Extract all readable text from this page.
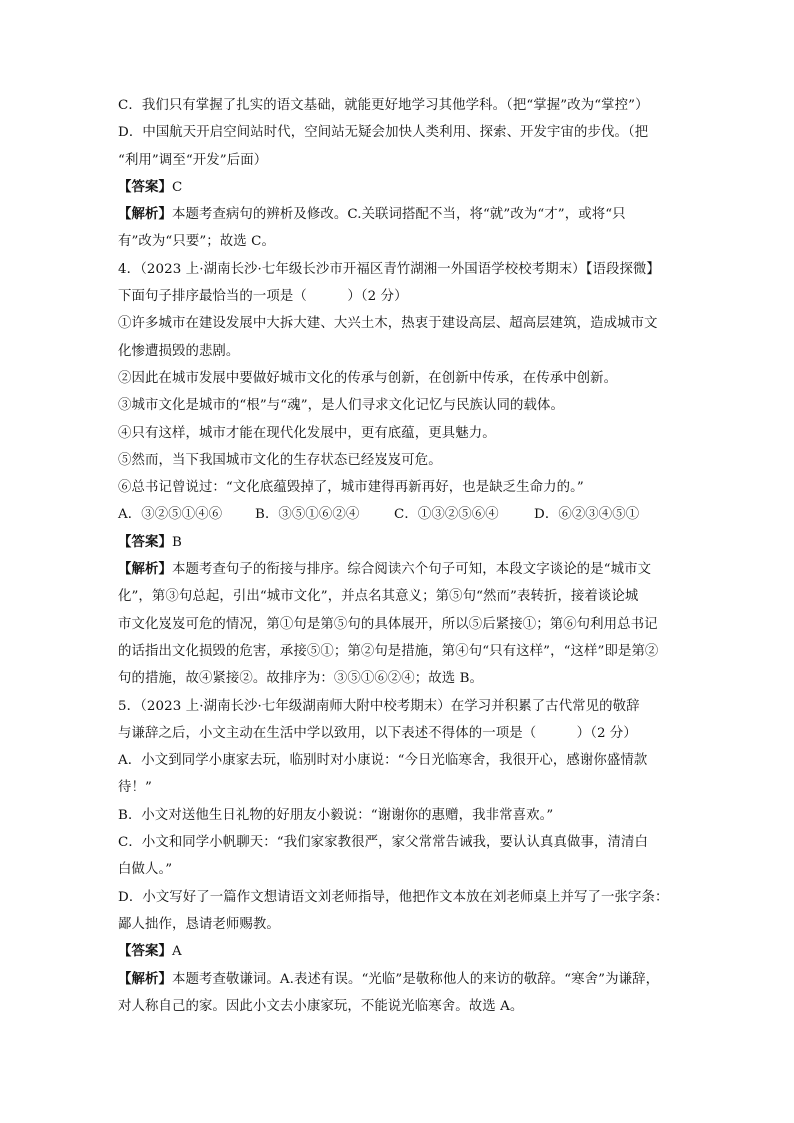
C．我们只有掌握了扎实的语文基础，就能更好地学习其他学科。（把“掌握”改为“掌控”）
D．中国航天开启空间站时代，空间站无疑会加快人类利用、探索、开发宇宙的步伐。（把
“利用”调至“开发”后面）
【答案】C
【解析】本题考查病句的辨析及修改。C.关联词搭配不当，将“就”改为“才”，或将“只
有”改为“只要”；故选 C。
4．（2023 上·湖南长沙·七年级长沙市开福区青竹湖湘一外国语学校校考期末）【语段探微】
下面句子排序最恰当的一项是（　　　）（2 分）
①许多城市在建设发展中大拆大建、大兴土木，热衷于建设高层、超高层建筑，造成城市文
化惨遭损毁的悲剧。
②因此在城市发展中要做好城市文化的传承与创新，在创新中传承，在传承中创新。
③城市文化是城市的“根”与“魂”，是人们寻求文化记忆与民族认同的载体。
④只有这样，城市才能在现代化发展中，更有底蕴，更具魅力。
⑤然而，当下我国城市文化的生存状态已经岌岌可危。
⑥总书记曾说过：“文化底蕴毁掉了，城市建得再新再好，也是缺乏生命力的。”
A．③②⑤①④⑥	B．③⑤①⑥②④	C．①③②⑤⑥④	D．⑥②③④⑤①
【答案】B
【解析】本题考查句子的衔接与排序。综合阅读六个句子可知，本段文字谈论的是“城市文
化”，第③句总起，引出“城市文化”，并点名其意义；第⑤句“然而”表转折，接着谈论城
市文化岌岌可危的情况，第①句是第⑤句的具体展开，所以⑤后紧接①；第⑥句利用总书记
的话指出文化损毁的危害，承接⑤①；第②句是措施，第④句“只有这样”，“这样”即是第②
句的措施，故④紧接②。故排序为：③⑤①⑥②④；故选 B。
5．（2023 上·湖南长沙·七年级湖南师大附中校考期末）在学习并积累了古代常见的敬辞
与谦辞之后，小文主动在生活中学以致用，以下表述不得体的一项是（　　　）（2 分）
A．小文到同学小康家去玩，临别时对小康说：“今日光临寒舍，我很开心，感谢你盛情款
待！”
B．小文对送他生日礼物的好朋友小毅说：“谢谢你的惠赠，我非常喜欢。”
C．小文和同学小帆聊天：“我们家家教很严，家父常常告诫我，要认认真真做事，清清白
白做人。”
D．小文写好了一篇作文想请语文刘老师指导，他把作文本放在刘老师桌上并写了一张字条：
鄙人拙作，恳请老师赐教。
【答案】A
【解析】本题考查敬谦词。A.表述有误。“光临”是敬称他人的来访的敬辞。“寒舍”为谦辞，
对人称自己的家。因此小文去小康家玩，不能说光临寒舍。故选 A。
